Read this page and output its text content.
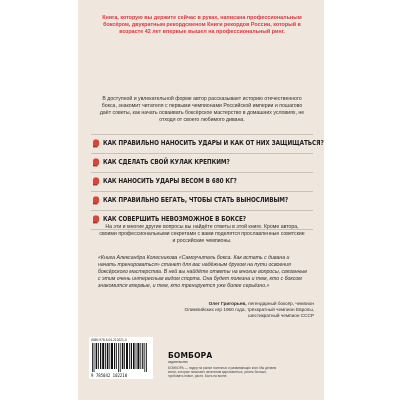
Книга, которую вы держите сейчас в руках, написана профессиональным боксёром, двукратным рекордсменом Книги рекордов России, который в возрасте 42 лет впервые вышел на профессиональный ринг.
В доступной и увлекательной форме автор рассказывает историю отечественного бокса, знакомит читателя с первыми чемпионами Российской империи и пошагово даёт советы, как начать осваивать боксёрское мастерство в домашних условиях, не отходя от своего любимого дивана.
КАК ПРАВИЛЬНО НАНОСИТЬ УДАРЫ И КАК ОТ НИХ ЗАЩИЩАТЬСЯ?
КАК СДЕЛАТЬ СВОЙ КУЛАК КРЕПКИМ?
КАК НАНОСИТЬ УДАРЫ ВЕСОМ В 680 КГ?
КАК ПРАВИЛЬНО БЕГАТЬ, ЧТОБЫ СТАТЬ ВЫНОСЛИВЫМ?
КАК СОВЕРШИТЬ НЕВОЗМОЖНОЕ В БОКСЕ?
На эти и многие другие вопросы вы найдёте ответы в этой книге. Кроме автора, своими профессиональными секретами с вами поделятся прославленные советские и российские чемпионы.
«Книга Александра Колесникова «Самоучитель бокса. Как встать с дивана и начать тренироваться» станет для вас надёжным другом на пути освоения боксёрского мастерства. В ней вы найдёте ответы на многие вопросы, связанные с этим очень интересным видом спорта. Она будет полезна и тем, кто с боксом знакомится впервые, и тем, кто тренируется уже более серьёзно.»
Олег Григорьев, легендарный боксёр, чемпион
Олимпийских игр 1960 года, трёхкратный чемпион Европы,
шестикратный чемпион СССР
ISBN 978-5-04-210221-0
9 785042 102210
БОМБОРА
издательство
БОМБОРА — лидер на рынке полезных и развивающих книг. Мы делаем книги, которые помогают читателям вдохновиться, узнать больше, пробовать новое, расти. Быть на волне.
